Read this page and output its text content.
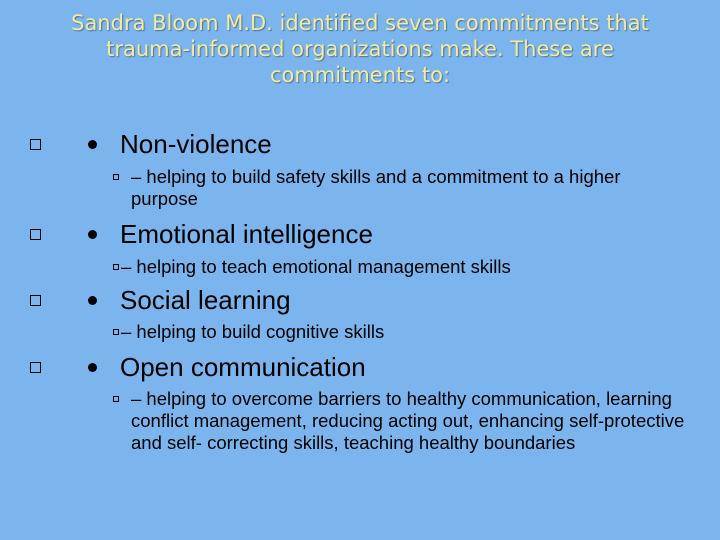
Sandra Bloom M.D. identified seven commitments that trauma-informed organizations make. These are commitments to:
Non-violence
– helping to build safety skills and a commitment to a higher purpose
Emotional intelligence
– helping to teach emotional management skills
Social learning
– helping to build cognitive skills
Open communication
– helping to overcome barriers to healthy communication, learning conflict management, reducing acting out, enhancing self-protective and self- correcting skills, teaching healthy boundaries
